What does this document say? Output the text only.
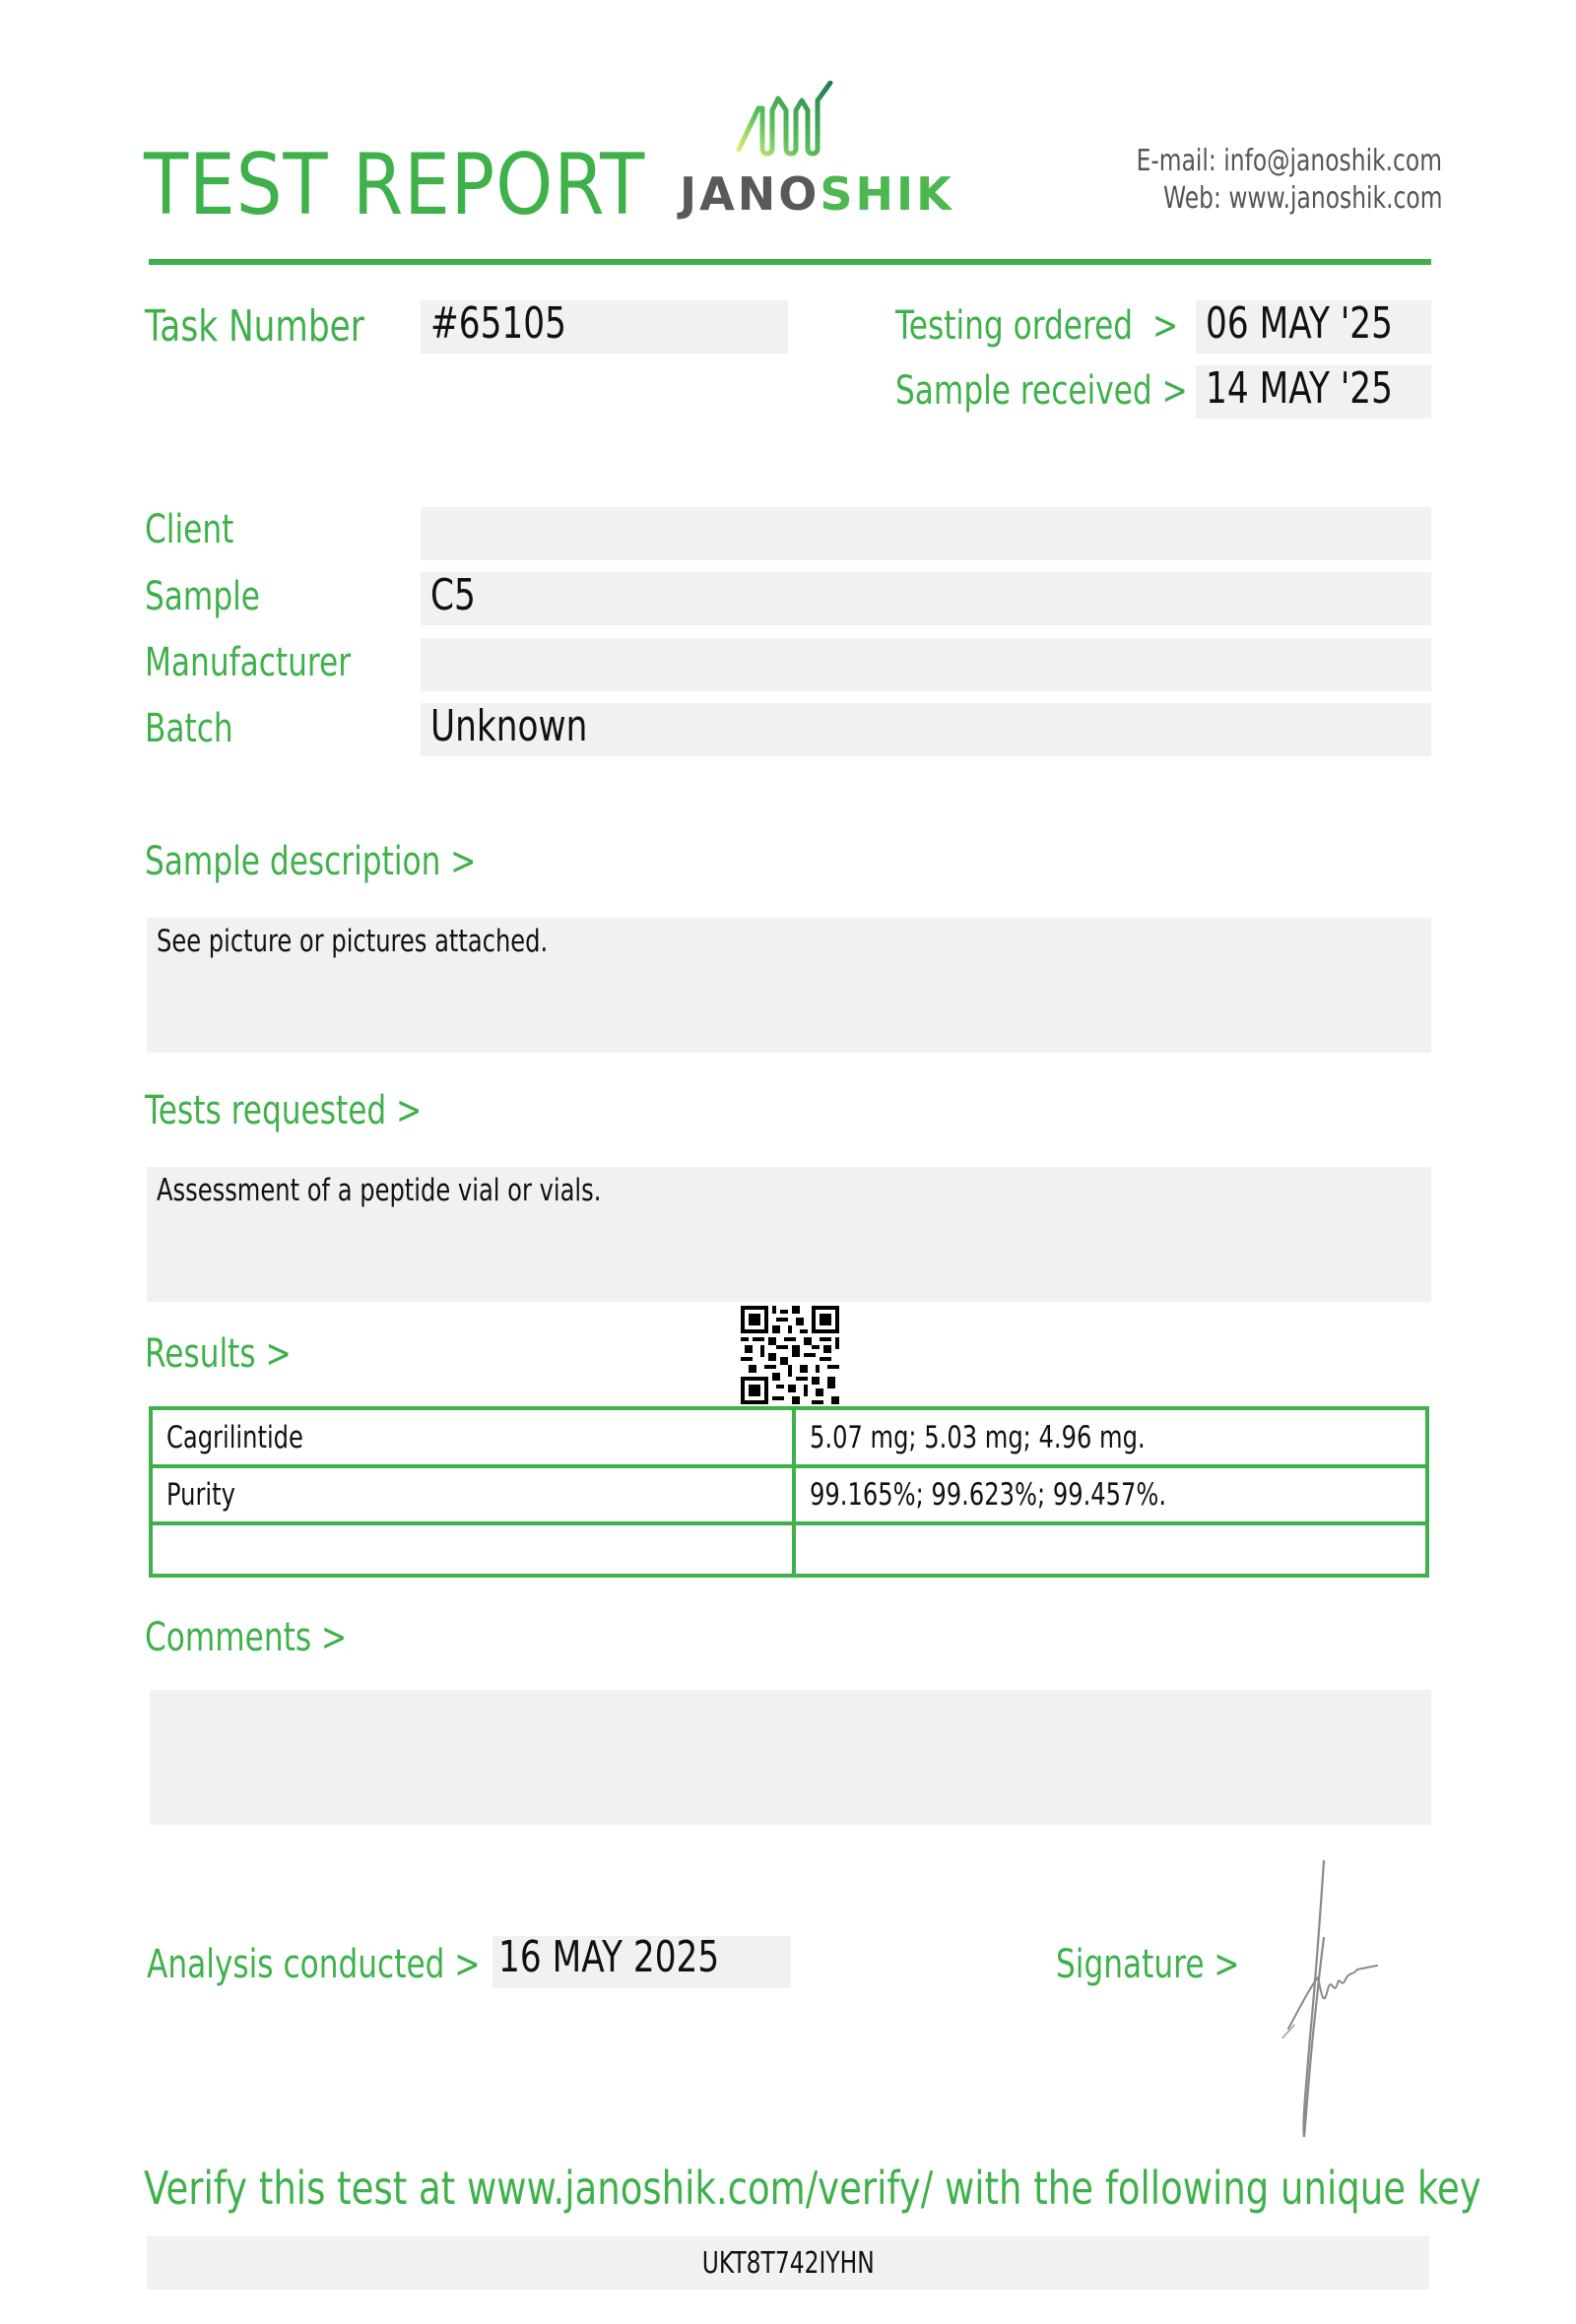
TEST REPORT JANOSHIK
E-mail: info@janoshik.com
Web: www.janoshik.com
Task Number	#65105	Testing ordered  > 06 MAY '25
Sample received > 14 MAY '25
Client
Sample	C5
Manufacturer
Batch	Unknown
Sample description >
See picture or pictures attached.
Tests requested >
Assessment of a peptide vial or vials.
Results >
Cagrilintide	5.07 mg; 5.03 mg; 4.96 mg.
Purity	99.165%; 99.623%; 99.457%.
Comments >
Analysis conducted > 16 MAY 2025	Signature >
Verify this test at www.janoshik.com/verify/ with the following unique key
UKT8T742IYHN
